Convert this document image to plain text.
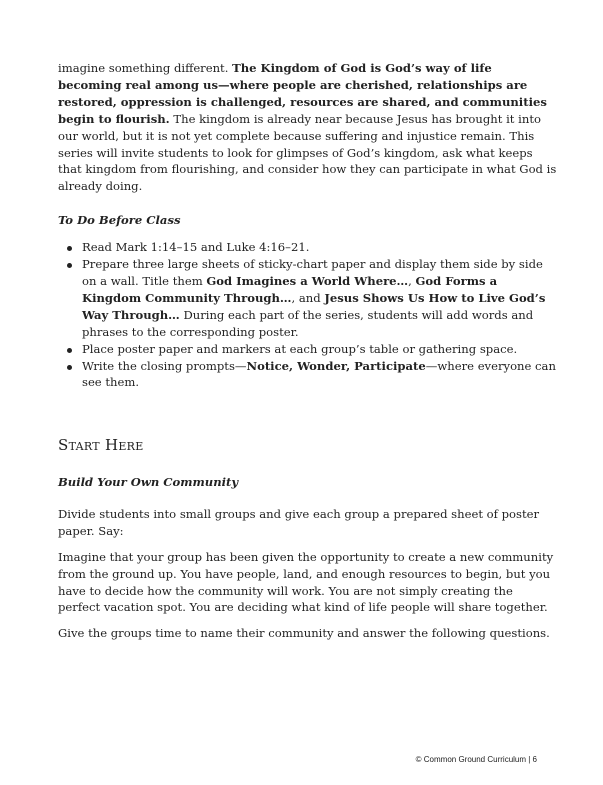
imagine something different. The Kingdom of God is God’s way of life becoming real among us—where people are cherished, relationships are restored, oppression is challenged, resources are shared, and communities begin to flourish. The kingdom is already near because Jesus has brought it into our world, but it is not yet complete because suffering and injustice remain. This series will invite students to look for glimpses of God’s kingdom, ask what keeps that kingdom from flourishing, and consider how they can participate in what God is already doing.

To Do Before Class

Read Mark 1:14–15 and Luke 4:16–21.
Prepare three large sheets of sticky-chart paper and display them side by side on a wall. Title them God Imagines a World Where…, God Forms a Kingdom Community Through…, and Jesus Shows Us How to Live God’s Way Through… During each part of the series, students will add words and phrases to the corresponding poster.
Place poster paper and markers at each group’s table or gathering space.
Write the closing prompts—Notice, Wonder, Participate—where everyone can see them.
Start Here

Build Your Own Community

Divide students into small groups and give each group a prepared sheet of poster paper. Say:

Imagine that your group has been given the opportunity to create a new community from the ground up. You have people, land, and enough resources to begin, but you have to decide how the community will work. You are not simply creating the perfect vacation spot. You are deciding what kind of life people will share together.

Give the groups time to name their community and answer the following questions.

© Common Ground Curriculum | 6
